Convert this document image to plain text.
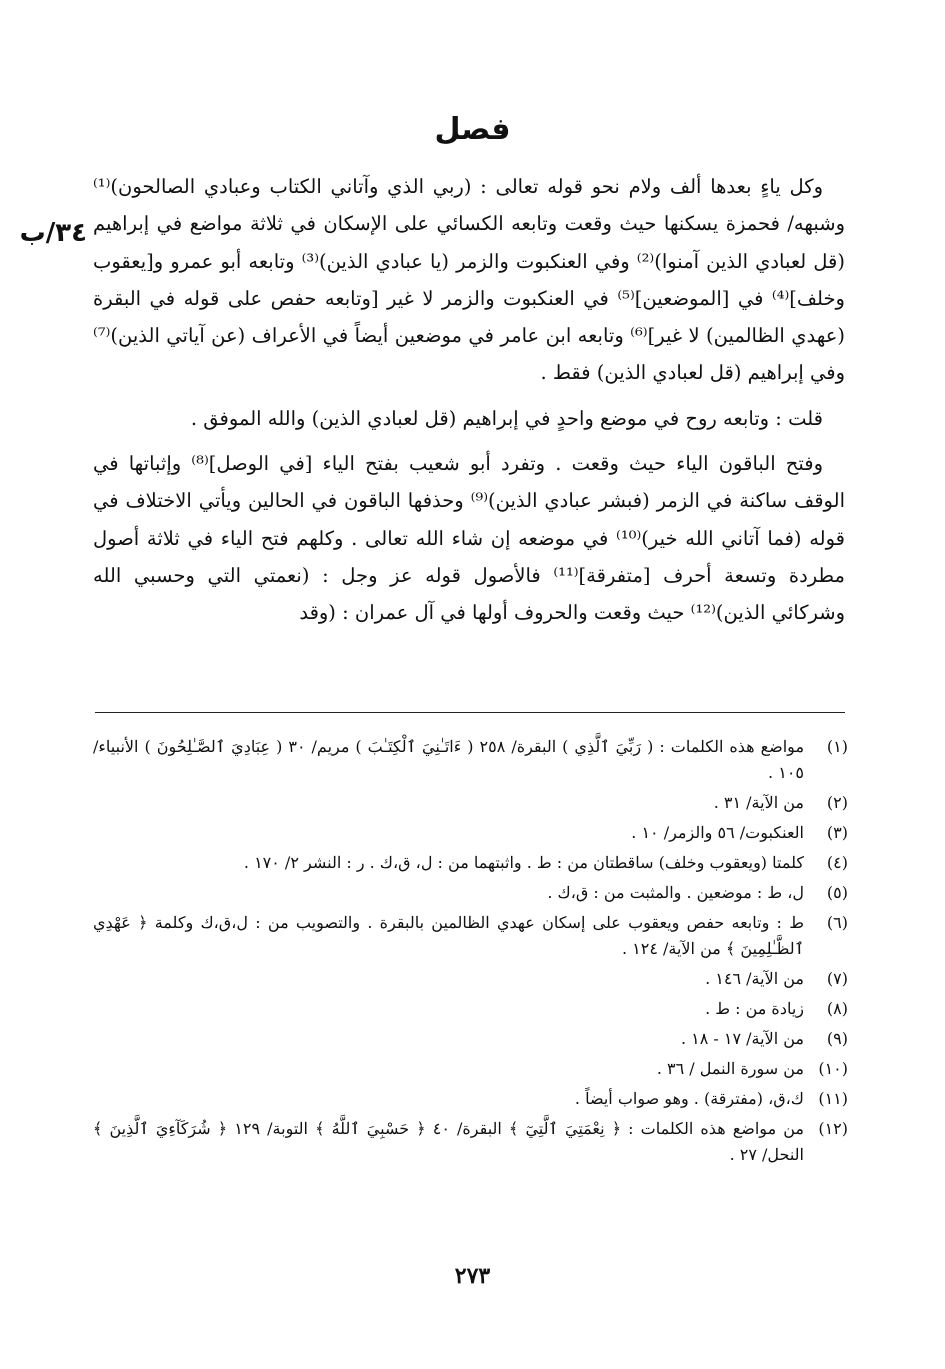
فصل
٣٤/ب

وكل ياءٍ بعدها ألف ولام نحو قوله تعالى : (ربي الذي وآتاني الكتاب وعبادي الصالحون)⁽¹⁾ وشبهه/ فحمزة يسكنها حيث وقعت وتابعه الكسائي على الإسكان في ثلاثة مواضع في إبراهيم (قل لعبادي الذين آمنوا)⁽²⁾ وفي العنكبوت والزمر (يا عبادي الذين)⁽³⁾ وتابعه أبو عمرو و[يعقوب وخلف]⁽⁴⁾ في [الموضعين]⁽⁵⁾ في العنكبوت والزمر لا غير [وتابعه حفص على قوله في البقرة (عهدي الظالمين) لا غير]⁽⁶⁾ وتابعه ابن عامر في موضعين أيضاً في الأعراف (عن آياتي الذين)⁽⁷⁾ وفي إبراهيم (قل لعبادي الذين) فقط .

قلت : وتابعه روح في موضع واحدٍ في إبراهيم (قل لعبادي الذين) والله الموفق .

وفتح الباقون الياء حيث وقعت . وتفرد أبو شعيب بفتح الياء [في الوصل]⁽⁸⁾ وإثباتها في الوقف ساكنة في الزمر (فبشر عبادي الذين)⁽⁹⁾ وحذفها الباقون في الحالين ويأتي الاختلاف في قوله (فما آتاني الله خير)⁽¹⁰⁾ في موضعه إن شاء الله تعالى . وكلهم فتح الياء في ثلاثة أصول مطردة وتسعة أحرف [متفرقة]⁽¹¹⁾ فالأصول قوله عز وجل : (نعمتي التي وحسبي الله وشركائي الذين)⁽¹²⁾ حيث وقعت والحروف أولها في آل عمران : (وقد

(١)
مواضع هذه الكلمات : ( رَبِّيَ ٱلَّذِي ) البقرة/ ٢٥٨ ( ءَاتَـٰنِيَ ٱلْكِتَـٰبَ ) مريم/ ٣٠ ( عِبَادِيَ ٱلصَّـٰلِحُونَ ) الأنبياء/ ١٠٥ .
(٢)
من الآية/ ٣١ .
(٣)
العنكبوت/ ٥٦ والزمر/ ١٠ .
(٤)
كلمتا (ويعقوب وخلف) ساقطتان من : ط . واثبتهما من : ل، ق،ك . ر : النشر ٢/ ١٧٠ .
(٥)
ل، ط : موضعين . والمثبت من : ق،ك .
(٦)
ط : وتابعه حفص ويعقوب على إسكان عهدي الظالمين بالبقرة . والتصويب من : ل،ق،ك وكلمة ﴿ عَهْدِي ٱلظَّـٰلِمِينَ ﴾ من الآية/ ١٢٤ .
(٧)
من الآية/ ١٤٦ .
(٨)
زيادة من : ط .
(٩)
من الآية/ ١٧ - ١٨ .
(١٠)
من سورة النمل / ٣٦ .
(١١)
ك،ق، (مفترقة) . وهو صواب أيضاً .
(١٢)
من مواضع هذه الكلمات : ﴿ نِعْمَتِيَ ٱلَّتِيٓ ﴾ البقرة/ ٤٠ ﴿ حَسْبِيَ ٱللَّهُ ﴾ التوبة/ ١٢٩ ﴿ شُرَكَآءِيَ ٱلَّذِينَ ﴾ النحل/ ٢٧ .
٢٧٣
